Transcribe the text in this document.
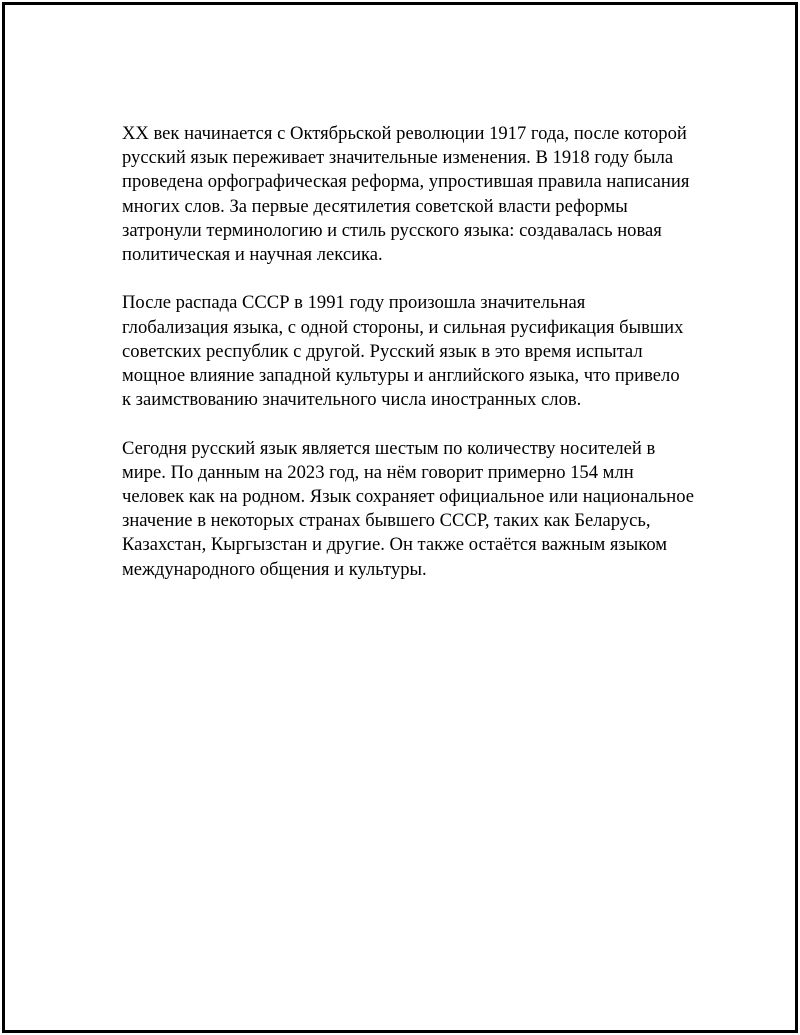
XX век начинается с Октябрьской революции 1917 года, после которой
русский язык переживает значительные изменения. В 1918 году была
проведена орфографическая реформа, упростившая правила написания
многих слов. За первые десятилетия советской власти реформы
затронули терминологию и стиль русского языка: создавалась новая
политическая и научная лексика.

После распада СССР в 1991 году произошла значительная
глобализация языка, с одной стороны, и сильная русификация бывших
советских республик с другой. Русский язык в это время испытал
мощное влияние западной культуры и английского языка, что привело
к заимствованию значительного числа иностранных слов.

Сегодня русский язык является шестым по количеству носителей в
мире. По данным на 2023 год, на нём говорит примерно 154 млн
человек как на родном. Язык сохраняет официальное или национальное
значение в некоторых странах бывшего СССР, таких как Беларусь,
Казахстан, Кыргызстан и другие. Он также остаётся важным языком
международного общения и культуры.
